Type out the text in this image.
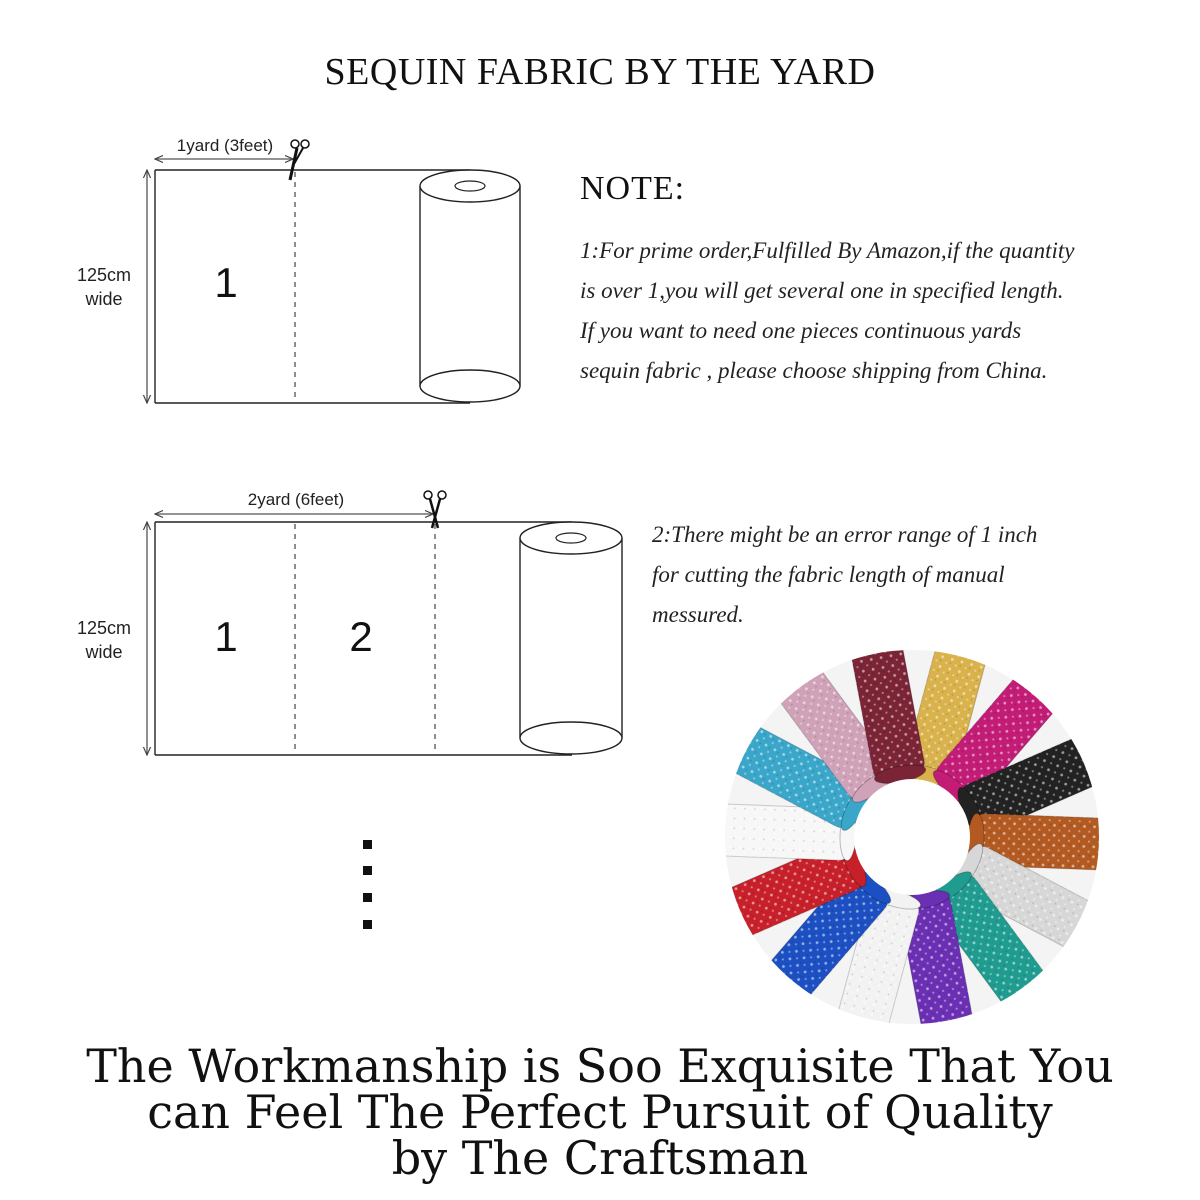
SEQUIN FABRIC BY THE YARD
1yard (3feet)
125cm
wide 1
2yard (6feet)
125cm
wide 1	2
NOTE:
1:For prime order,Fulfilled By Amazon,if the quantity
is over 1,you will get several one in specified length.
If you want to need one pieces continuous yards
sequin fabric , please choose shipping from China.
2:There might be an error range of 1 inch
for cutting the fabric length of manual
messured.
The Workmanship is Soo Exquisite That You
can Feel The Perfect Pursuit of Quality
by The Craftsman
